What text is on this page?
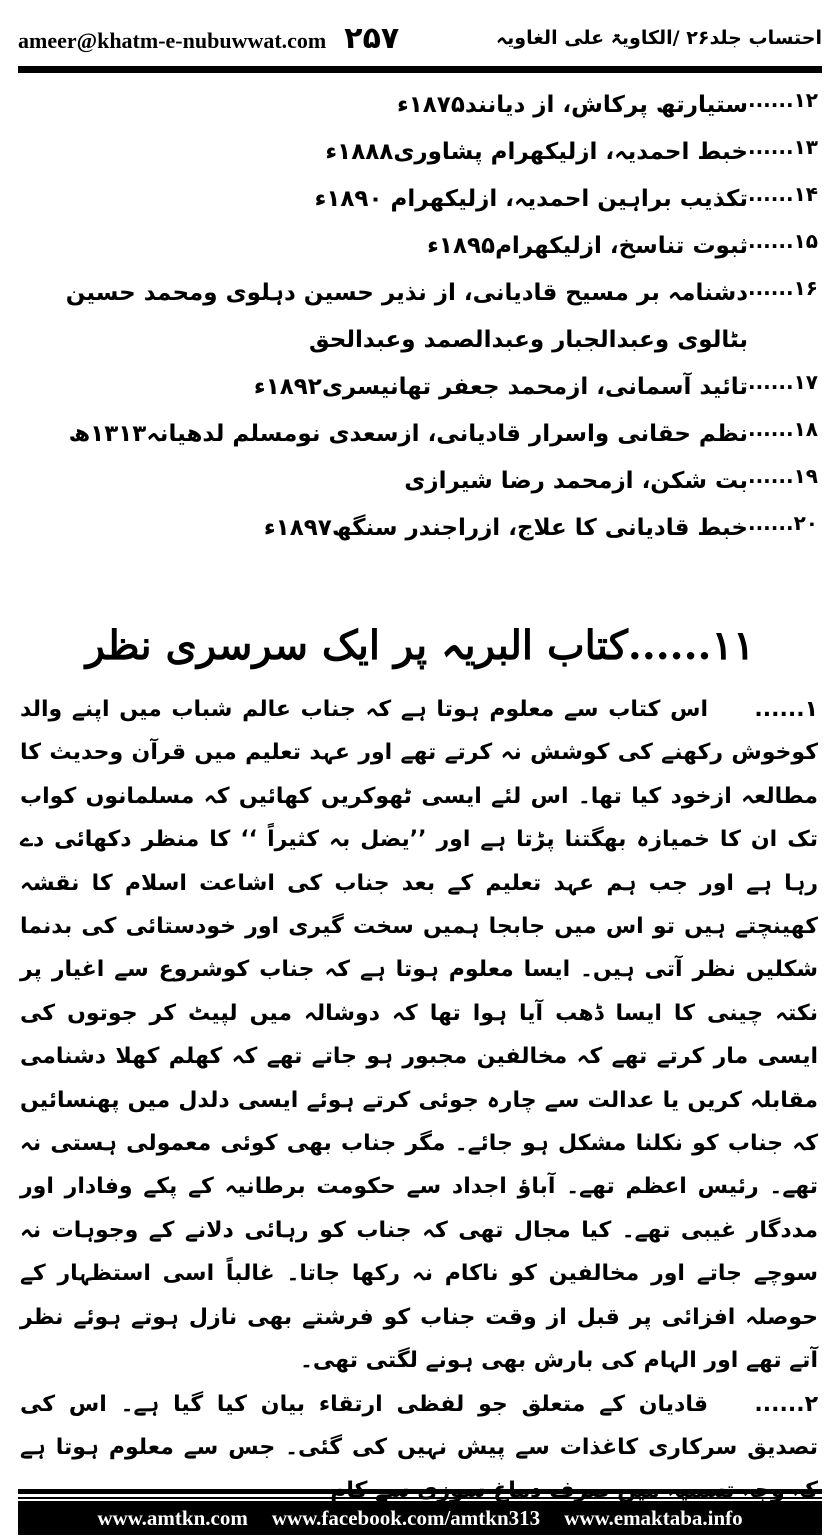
ameer@khatm-e-nubuwwat.com ۲۵۷	احتساب جلد۲۶ /الکاویۃ علی الغاویہ
۱۲......
ستیارتھ پرکاش، از دیانند۱۸۷۵ء
۱۳......
خبط احمدیہ، ازلیکھرام پشاوری۱۸۸۸ء
۱۴......
تکذیب براہین احمدیہ، ازلیکھرام ۱۸۹۰ء
۱۵......
ثبوت تناسخ، ازلیکھرام۱۸۹۵ء
۱۶......
دشنامہ بر مسیح قادیانی، از نذیر حسین دہلوی ومحمد حسین بٹالوی وعبدالجبار وعبدالصمد وعبدالحق
۱۷......
تائید آسمانی، ازمحمد جعفر تھانیسری۱۸۹۲ء
۱۸......
نظم حقانی واسرار قادیانی، ازسعدی نومسلم لدھیانہ۱۳۱۳ھ
۱۹......
بت شکن، ازمحمد رضا شیرازی
۲۰......
خبط قادیانی کا علاج، ازراجندر سنگھ۱۸۹۷ء
۱۱......کتاب البریہ پر ایک سرسری نظر

۱......اس کتاب سے معلوم ہوتا ہے کہ جناب عالم شباب میں اپنے والد کوخوش رکھنے کی کوشش نہ کرتے تھے اور عہد تعلیم میں قرآن وحدیث کا مطالعہ ازخود کیا تھا۔ اس لئے ایسی ٹھوکریں کھائیں کہ مسلمانوں کواب تک ان کا خمیازہ بھگتنا پڑتا ہے اور ’’یضل بہ کثیراً ‘‘ کا منظر دکھائی دے رہا ہے اور جب ہم عہد تعلیم کے بعد جناب کی اشاعت اسلام کا نقشہ کھینچتے ہیں تو اس میں جابجا ہمیں سخت گیری اور خودستائی کی بدنما شکلیں نظر آتی ہیں۔ ایسا معلوم ہوتا ہے کہ جناب کوشروع سے اغیار پر نکتہ چینی کا ایسا ڈھب آیا ہوا تھا کہ دوشالہ میں لپیٹ کر جوتوں کی ایسی مار کرتے تھے کہ مخالفین مجبور ہو جاتے تھے کہ کھلم کھلا دشنامی مقابلہ کریں یا عدالت سے چارہ جوئی کرتے ہوئے ایسی دلدل میں پھنسائیں کہ جناب کو نکلنا مشکل ہو جائے۔ مگر جناب بھی کوئی معمولی ہستی نہ تھے۔ رئیس اعظم تھے۔ آباؤ اجداد سے حکومت برطانیہ کے پکے وفادار اور مددگار غیبی تھے۔ کیا مجال تھی کہ جناب کو رہائی دلانے کے وجوہات نہ سوچے جاتے اور مخالفین کو ناکام نہ رکھا جاتا۔ غالباً اسی استظہار کے حوصلہ افزائی پر قبل از وقت جناب کو فرشتے بھی نازل ہوتے ہوئے نظر آتے تھے اور الہام کی بارش بھی ہونے لگتی تھی۔

۲......قادیان کے متعلق جو لفظی ارتقاء بیان کیا گیا ہے۔ اس کی تصدیق سرکاری کاغذات سے پیش نہیں کی گئی۔ جس سے معلوم ہوتا ہے

www.amtkn.com www.facebook.com/amtkn313 www.emaktaba.info
